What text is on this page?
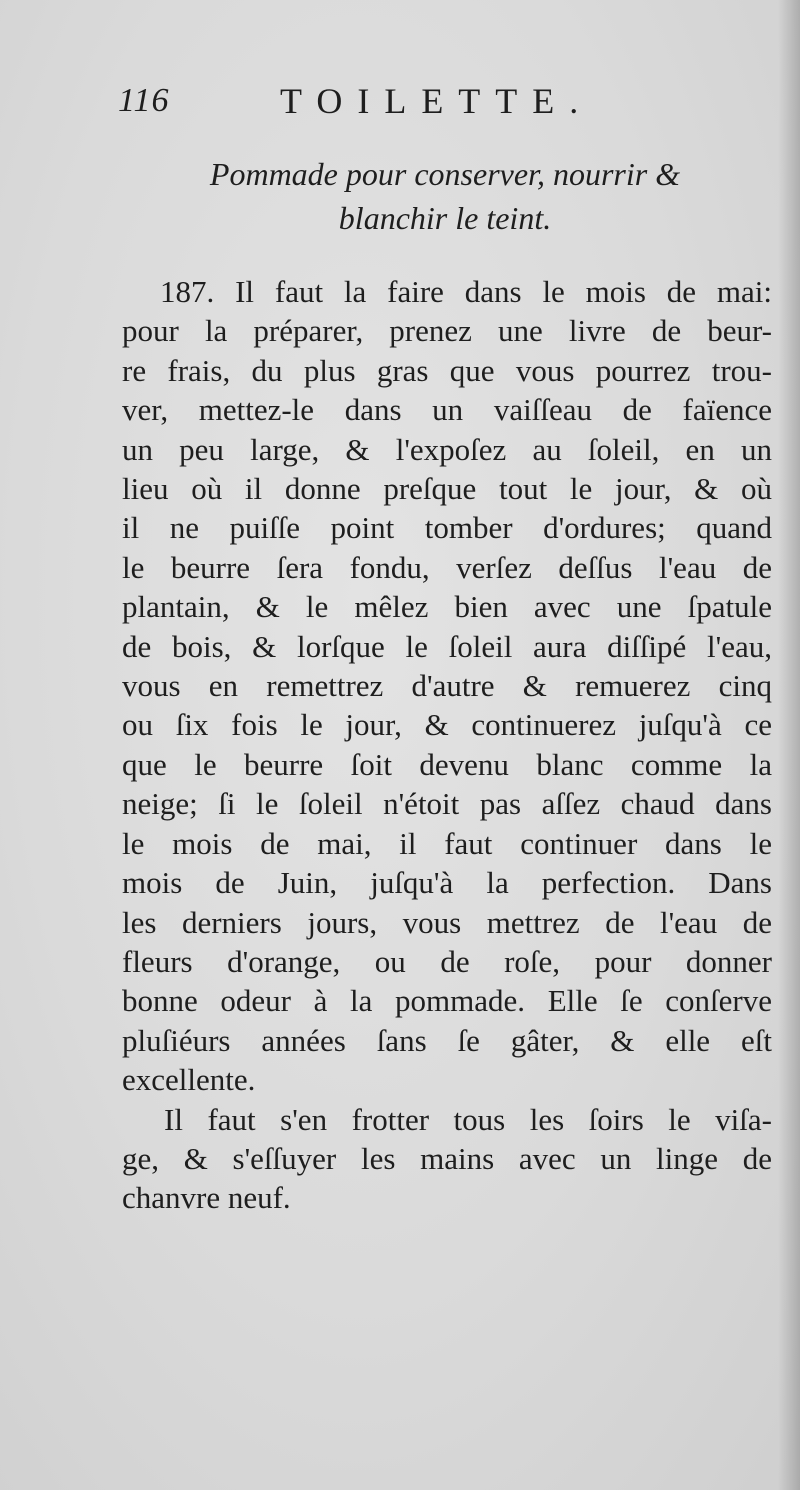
116	TOILETTE.
Pommade pour conserver, nourrir &
blanchir le teint.
187. Il faut la faire dans le mois de mai:
pour la préparer, prenez une livre de beur-
re frais, du plus gras que vous pourrez trou-
ver, mettez-le dans un vaiſſeau de faïence
un peu large, & l'expoſez au ſoleil, en un
lieu où il donne preſque tout le jour, & où
il ne puiſſe point tomber d'ordures; quand
le beurre ſera fondu, verſez deſſus l'eau de
plantain, & le mêlez bien avec une ſpatule
de bois, & lorſque le ſoleil aura diſſipé l'eau,
vous en remettrez d'autre & remuerez cinq
ou ſix fois le jour, & continuerez juſqu'à ce
que le beurre ſoit devenu blanc comme la
neige; ſi le ſoleil n'étoit pas aſſez chaud dans
le mois de mai, il faut continuer dans le
mois de Juin, juſqu'à la perfection. Dans
les derniers jours, vous mettrez de l'eau de
fleurs d'orange, ou de roſe, pour donner
bonne odeur à la pommade. Elle ſe conſerve
pluſiéurs années ſans ſe gâter, & elle eſt
excellente.
Il faut s'en frotter tous les ſoirs le viſa-
ge, & s'eſſuyer les mains avec un linge de
chanvre neuf.
